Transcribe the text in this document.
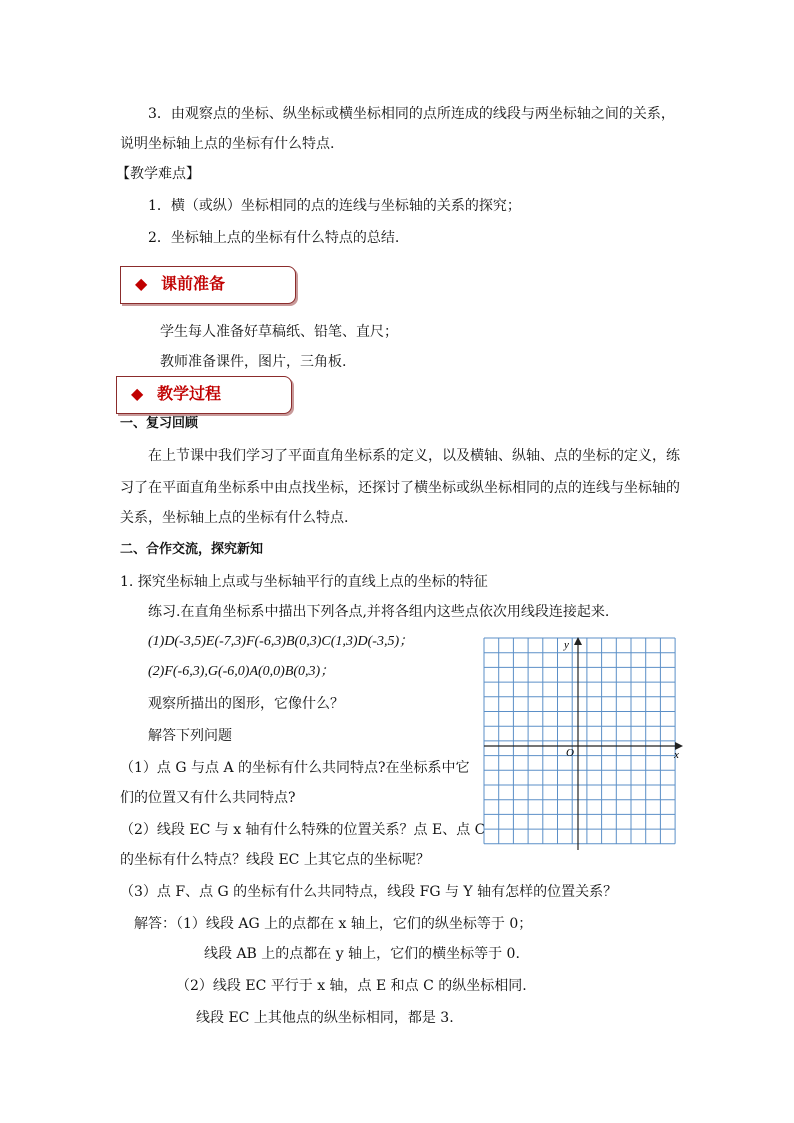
3．由观察点的坐标、纵坐标或横坐标相同的点所连成的线段与两坐标轴之间的关系，
说明坐标轴上点的坐标有什么特点.
【教学难点】
1．横（或纵）坐标相同的点的连线与坐标轴的关系的探究；
2．坐标轴上点的坐标有什么特点的总结.
◆ 课前准备
学生每人准备好草稿纸、铅笔、直尺；
教师准备课件，图片，三角板.
◆ 教学过程
一、复习回顾
在上节课中我们学习了平面直角坐标系的定义，以及横轴、纵轴、点的坐标的定义，练
习了在平面直角坐标系中由点找坐标，还探讨了横坐标或纵坐标相同的点的连线与坐标轴的
关系，坐标轴上点的坐标有什么特点.
二、合作交流，探究新知
1. 探究坐标轴上点或与坐标轴平行的直线上点的坐标的特征
练习.在直角坐标系中描出下列各点,并将各组内这些点依次用线段连接起来.
(1)D(-3,5)E(-7,3)F(-6,3)B(0,3)C(1,3)D(-3,5)；
(2)F(-6,3),G(-6,0)A(0,0)B(0,3)；
观察所描出的图形，它像什么？
解答下列问题
（1）点 G 与点 A 的坐标有什么共同特点?在坐标系中它
们的位置又有什么共同特点?
（2）线段 EC 与 x 轴有什么特殊的位置关系？点 E、点 C
的坐标有什么特点？线段 EC 上其它点的坐标呢？
（3）点 F、点 G 的坐标有什么共同特点，线段 FG 与 Y 轴有怎样的位置关系？
解答：（1）线段 AG 上的点都在 x 轴上，它们的纵坐标等于 0；
线段 AB 上的点都在 y 轴上，它们的横坐标等于 0.
（2）线段 EC 平行于 x 轴，点 E 和点 C 的纵坐标相同.
线段 EC 上其他点的纵坐标相同，都是 3.
y
x
O
